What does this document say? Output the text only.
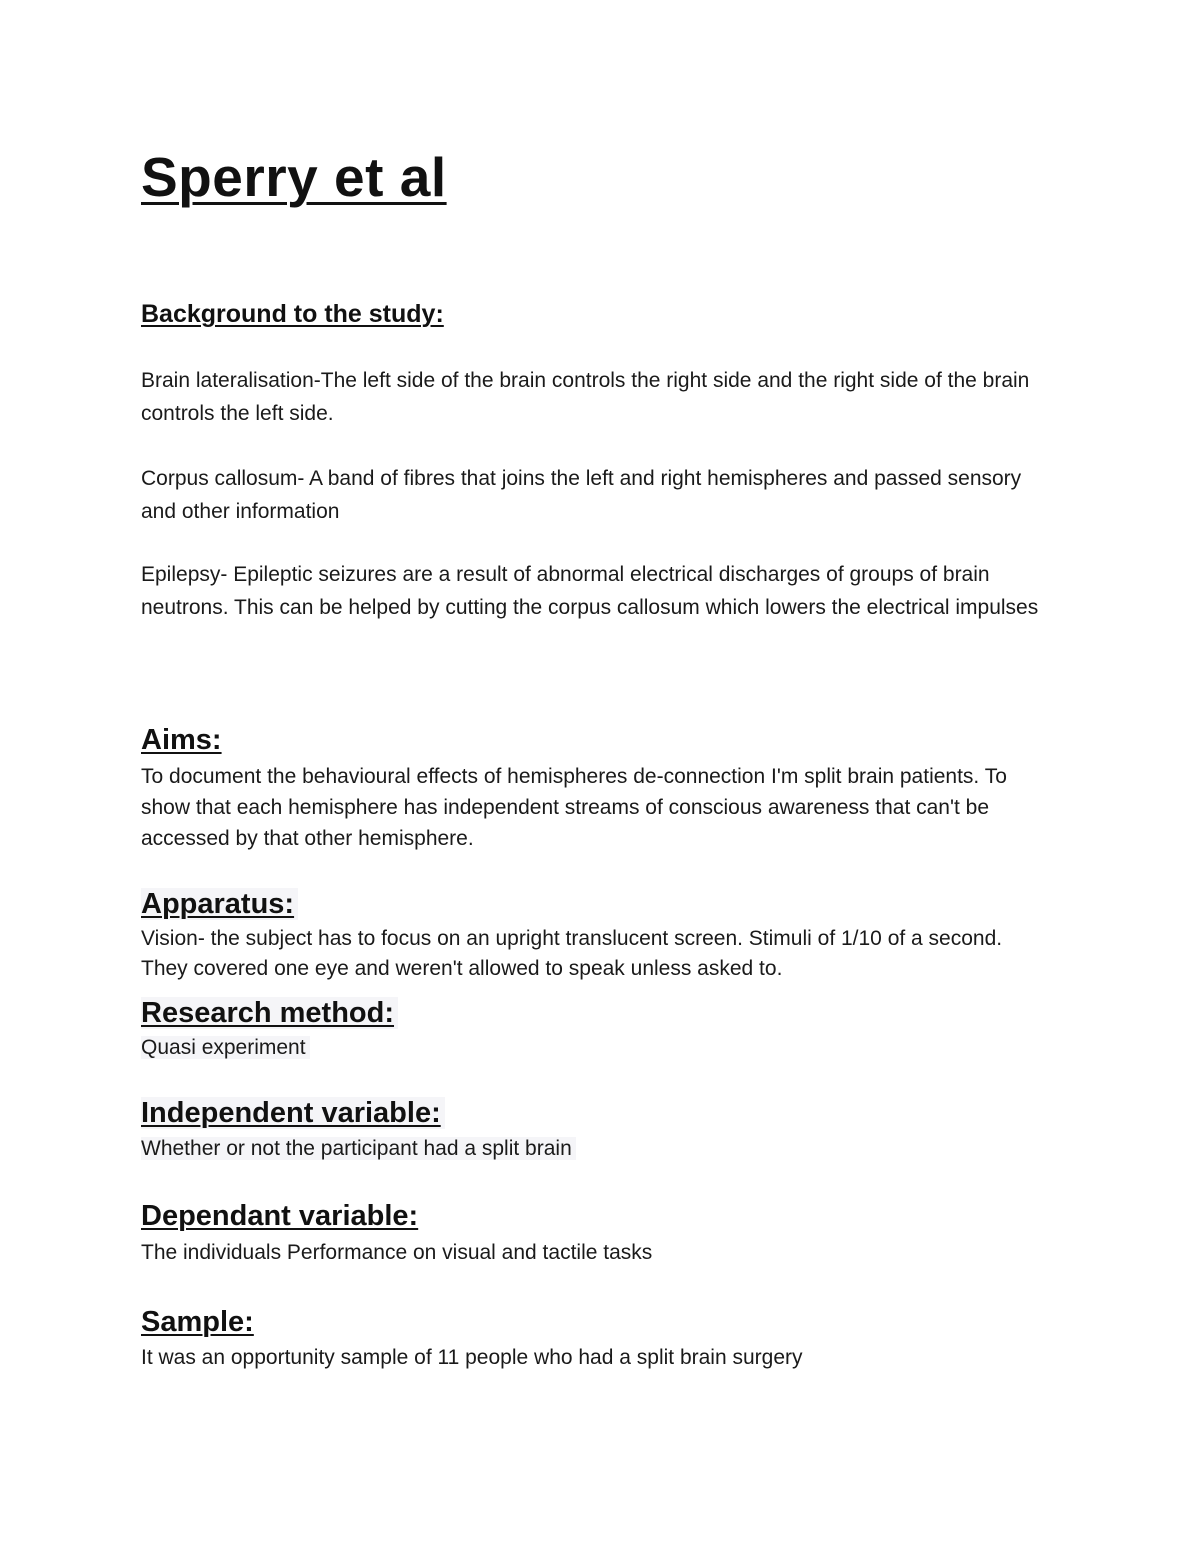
Sperry et al
Background to the study:

Brain lateralisation-The left side of the brain controls the right side and the right side of the brain controls the left side.

Corpus callosum- A band of fibres that joins the left and right hemispheres and passed sensory and other information

Epilepsy- Epileptic seizures are a result of abnormal electrical discharges of groups of brain neutrons. This can be helped by cutting the corpus callosum which lowers the electrical impulses

Aims:

To document the behavioural effects of hemispheres de-connection I'm split brain patients. To show that each hemisphere has independent streams of conscious awareness that can't be accessed by that other hemisphere.

Apparatus:

Vision- the subject has to focus on an upright translucent screen. Stimuli of 1/10 of a second. They covered one eye and weren't allowed to speak unless asked to.

Research method:

Quasi experiment

Independent variable:

Whether or not the participant had a split brain

Dependant variable:

The individuals Performance on visual and tactile tasks

Sample:

It was an opportunity sample of 11 people who had a split brain surgery
